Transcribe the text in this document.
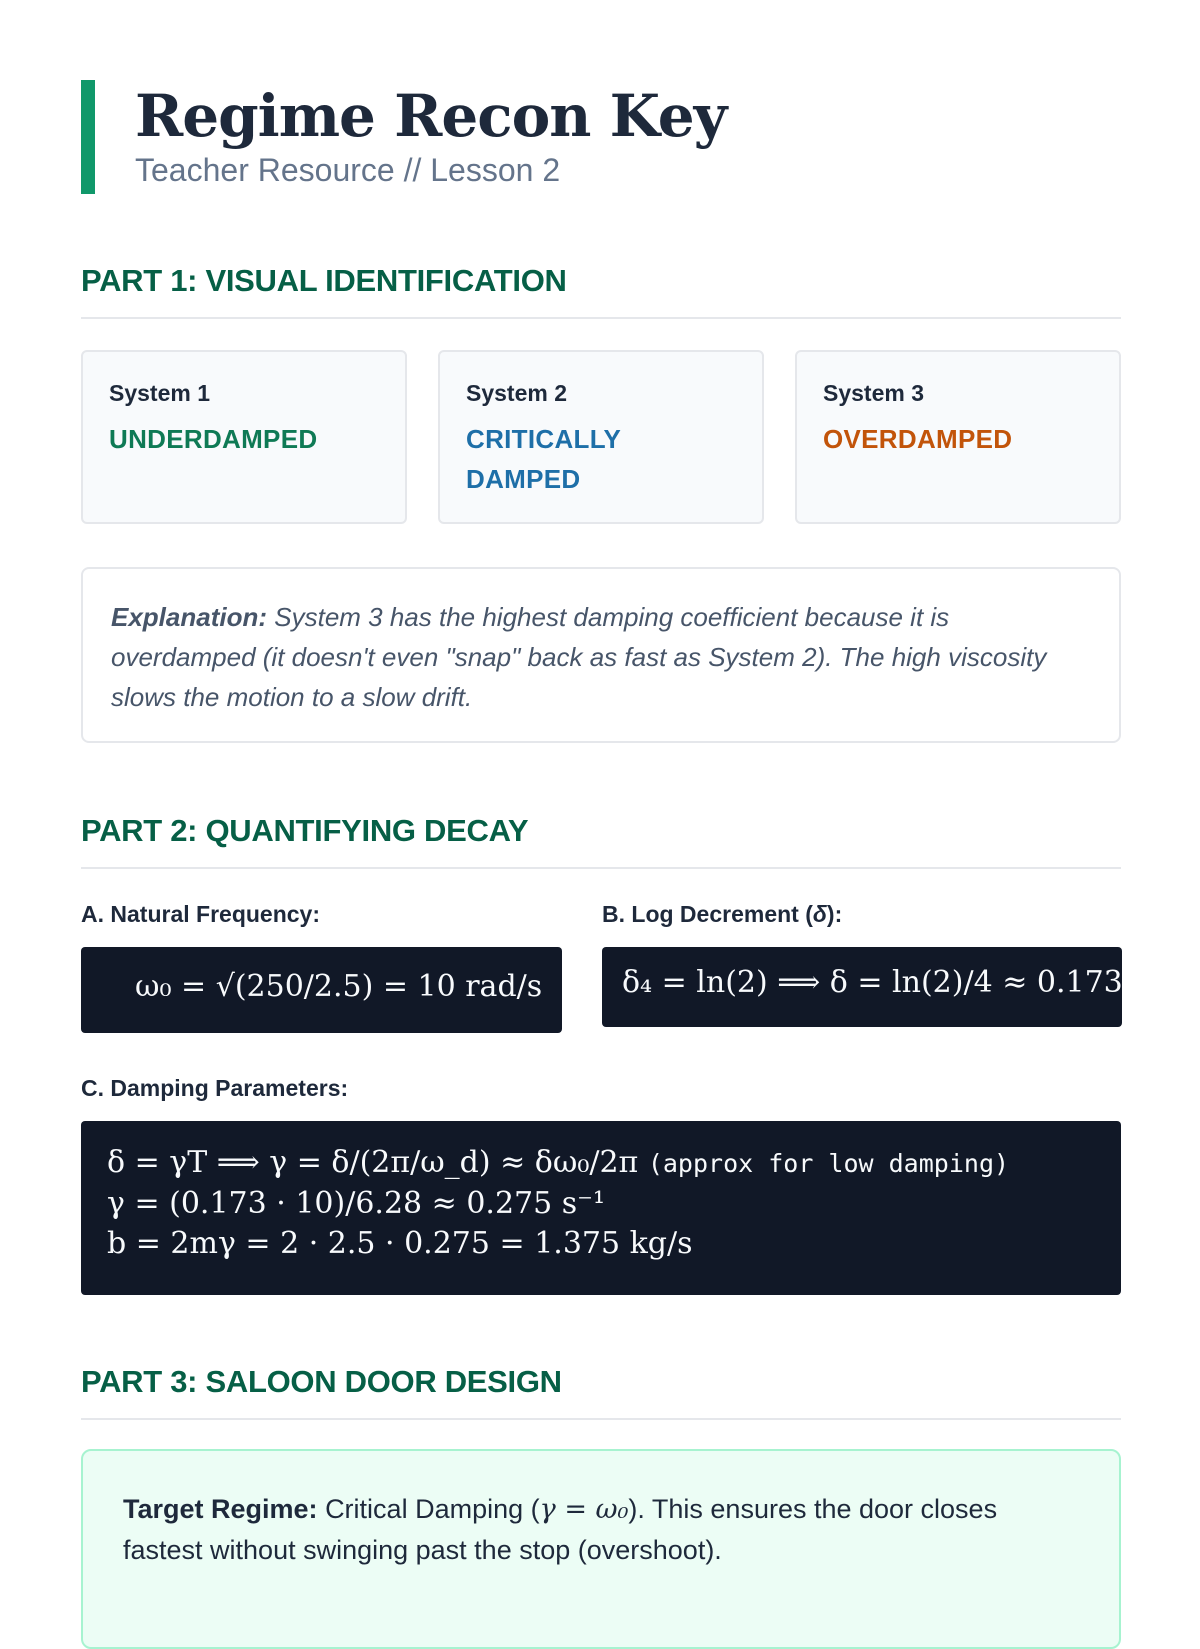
Regime Recon Key
Teacher Resource // Lesson 2
PART 1: VISUAL IDENTIFICATION
System 1
UNDERDAMPED
System 2
CRITICALLY
DAMPED
System 3
OVERDAMPED
Explanation: System 3 has the highest damping coefficient because it is overdamped (it doesn't even "snap" back as fast as System 2). The high viscosity slows the motion to a slow drift.
PART 2: QUANTIFYING DECAY
A. Natural Frequency:
ω₀ = √(250/2.5) = 10 rad/s
B. Log Decrement (δ):
δ₄ = ln(2) ⟹ δ = ln(2)/4 ≈ 0.173
C. Damping Parameters:
δ = γT ⟹ γ = δ/(2π/ω_d) ≈ δω₀/2π (approx for low damping)
γ = (0.173 · 10)/6.28 ≈ 0.275 s⁻¹
b = 2mγ = 2 · 2.5 · 0.275 = 1.375 kg/s
PART 3: SALOON DOOR DESIGN
Target Regime: Critical Damping (γ = ω₀). This ensures the door closes fastest without swinging past the stop (overshoot).
